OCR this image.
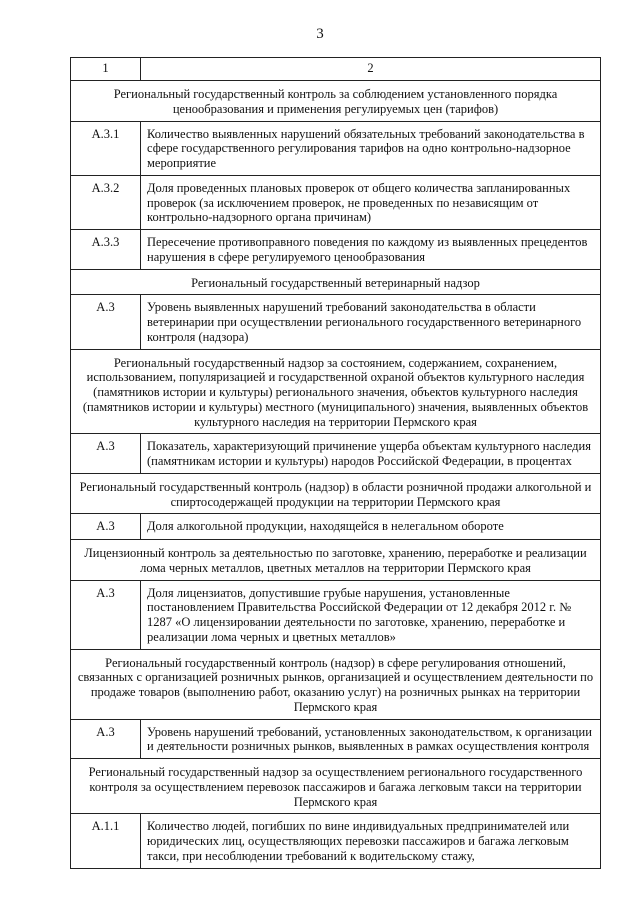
3
1	2
Региональный государственный контроль за соблюдением установленного порядка ценообразования и применения регулируемых цен (тарифов)	
А.3.1	Количество выявленных нарушений обязательных требований законодательства в сфере государственного регулирования тарифов на одно контрольно-надзорное мероприятие
А.3.2	Доля проведенных плановых проверок от общего количества запланированных проверок (за исключением проверок, не проведенных по независящим от контрольно-надзорного органа причинам)
А.3.3	Пересечение противоправного поведения по каждому из выявленных прецедентов нарушения в сфере регулируемого ценообразования
Региональный государственный ветеринарный надзор	
А.3	Уровень выявленных нарушений требований законодательства в области ветеринарии при осуществлении регионального государственного ветеринарного контроля (надзора)
Региональный государственный надзор за состоянием, содержанием, сохранением, использованием, популяризацией и государственной охраной объектов культурного наследия (памятников истории и культуры) регионального значения, объектов культурного наследия (памятников истории и культуры) местного (муниципального) значения, выявленных объектов культурного наследия на территории Пермского края	
А.3	Показатель, характеризующий причинение ущерба объектам культурного наследия (памятникам истории и культуры) народов Российской Федерации, в процентах
Региональный государственный контроль (надзор) в области розничной продажи алкогольной и спиртосодержащей продукции на территории Пермского края	
А.3	Доля алкогольной продукции, находящейся в нелегальном обороте
Лицензионный контроль за деятельностью по заготовке, хранению, переработке и реализации лома черных металлов, цветных металлов на территории Пермского края	
А.3	Доля лицензиатов, допустившие грубые нарушения, установленные постановлением Правительства Российской Федерации от 12 декабря 2012 г. № 1287 «О лицензировании деятельности по заготовке, хранению, переработке и реализации лома черных и цветных металлов»
Региональный государственный контроль (надзор) в сфере регулирования отношений, связанных с организацией розничных рынков, организацией и осуществлением деятельности по продаже товаров (выполнению работ, оказанию услуг) на розничных рынках на территории Пермского края	
А.3	Уровень нарушений требований, установленных законодательством, к организации и деятельности розничных рынков, выявленных в рамках осуществления контроля
Региональный государственный надзор за осуществлением регионального государственного контроля за осуществлением перевозок пассажиров и багажа легковым такси на территории Пермского края	
А.1.1	Количество людей, погибших по вине индивидуальных предпринимателей или юридических лиц, осуществляющих перевозки пассажиров и багажа легковым такси, при несоблюдении требований к водительскому стажу,
